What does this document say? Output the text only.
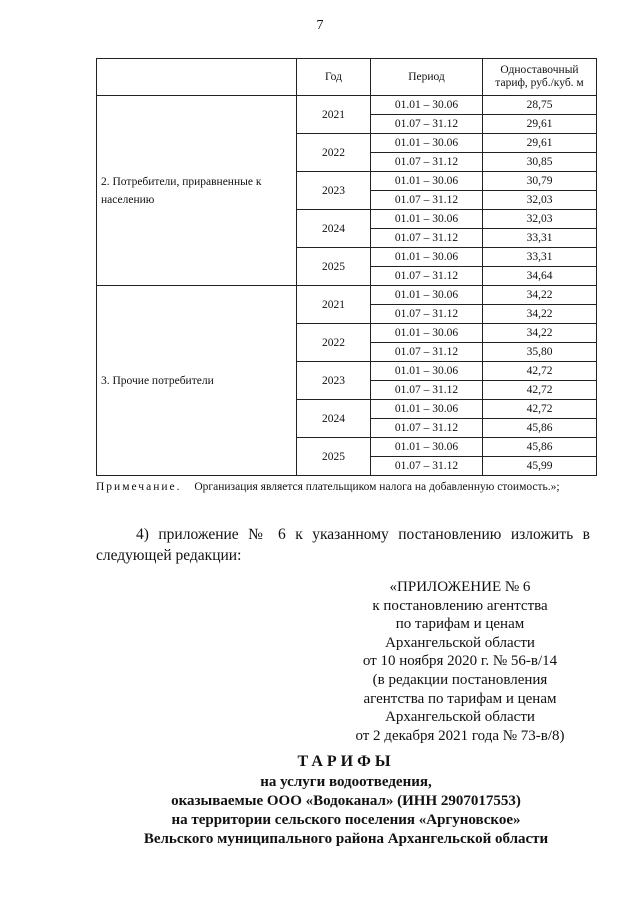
7
	Год	Период	Одноставочный
тариф, руб./куб. м
2. Потребители, приравненные к населению	2021	01.01 – 30.06	28,75
		01.07 – 31.12	29,61
	2022	01.01 – 30.06	29,61
		01.07 – 31.12	30,85
	2023	01.01 – 30.06	30,79
		01.07 – 31.12	32,03
	2024	01.01 – 30.06	32,03
		01.07 – 31.12	33,31
	2025	01.01 – 30.06	33,31
		01.07 – 31.12	34,64
3. Прочие потребители	2021	01.01 – 30.06	34,22
		01.07 – 31.12	34,22
	2022	01.01 – 30.06	34,22
		01.07 – 31.12	35,80
	2023	01.01 – 30.06	42,72
		01.07 – 31.12	42,72
	2024	01.01 – 30.06	42,72
		01.07 – 31.12	45,86
	2025	01.01 – 30.06	45,86
		01.07 – 31.12	45,99
Примечание. Организация является плательщиком налога на добавленную стоимость.»;
4) приложение № 6 к указанному постановлению изложить в следующей редакции:
«ПРИЛОЖЕНИЕ № 6
к постановлению агентства
по тарифам и ценам
Архангельской области
от 10 ноября 2020 г. № 56-в/14
(в редакции постановления
агентства по тарифам и ценам
Архангельской области
от 2 декабря 2021 года № 73-в/8)
ТАРИФЫ
на услуги водоотведения,
оказываемые ООО «Водоканал» (ИНН 2907017553)
на территории сельского поселения «Аргуновское»
Вельского муниципального района Архангельской области
